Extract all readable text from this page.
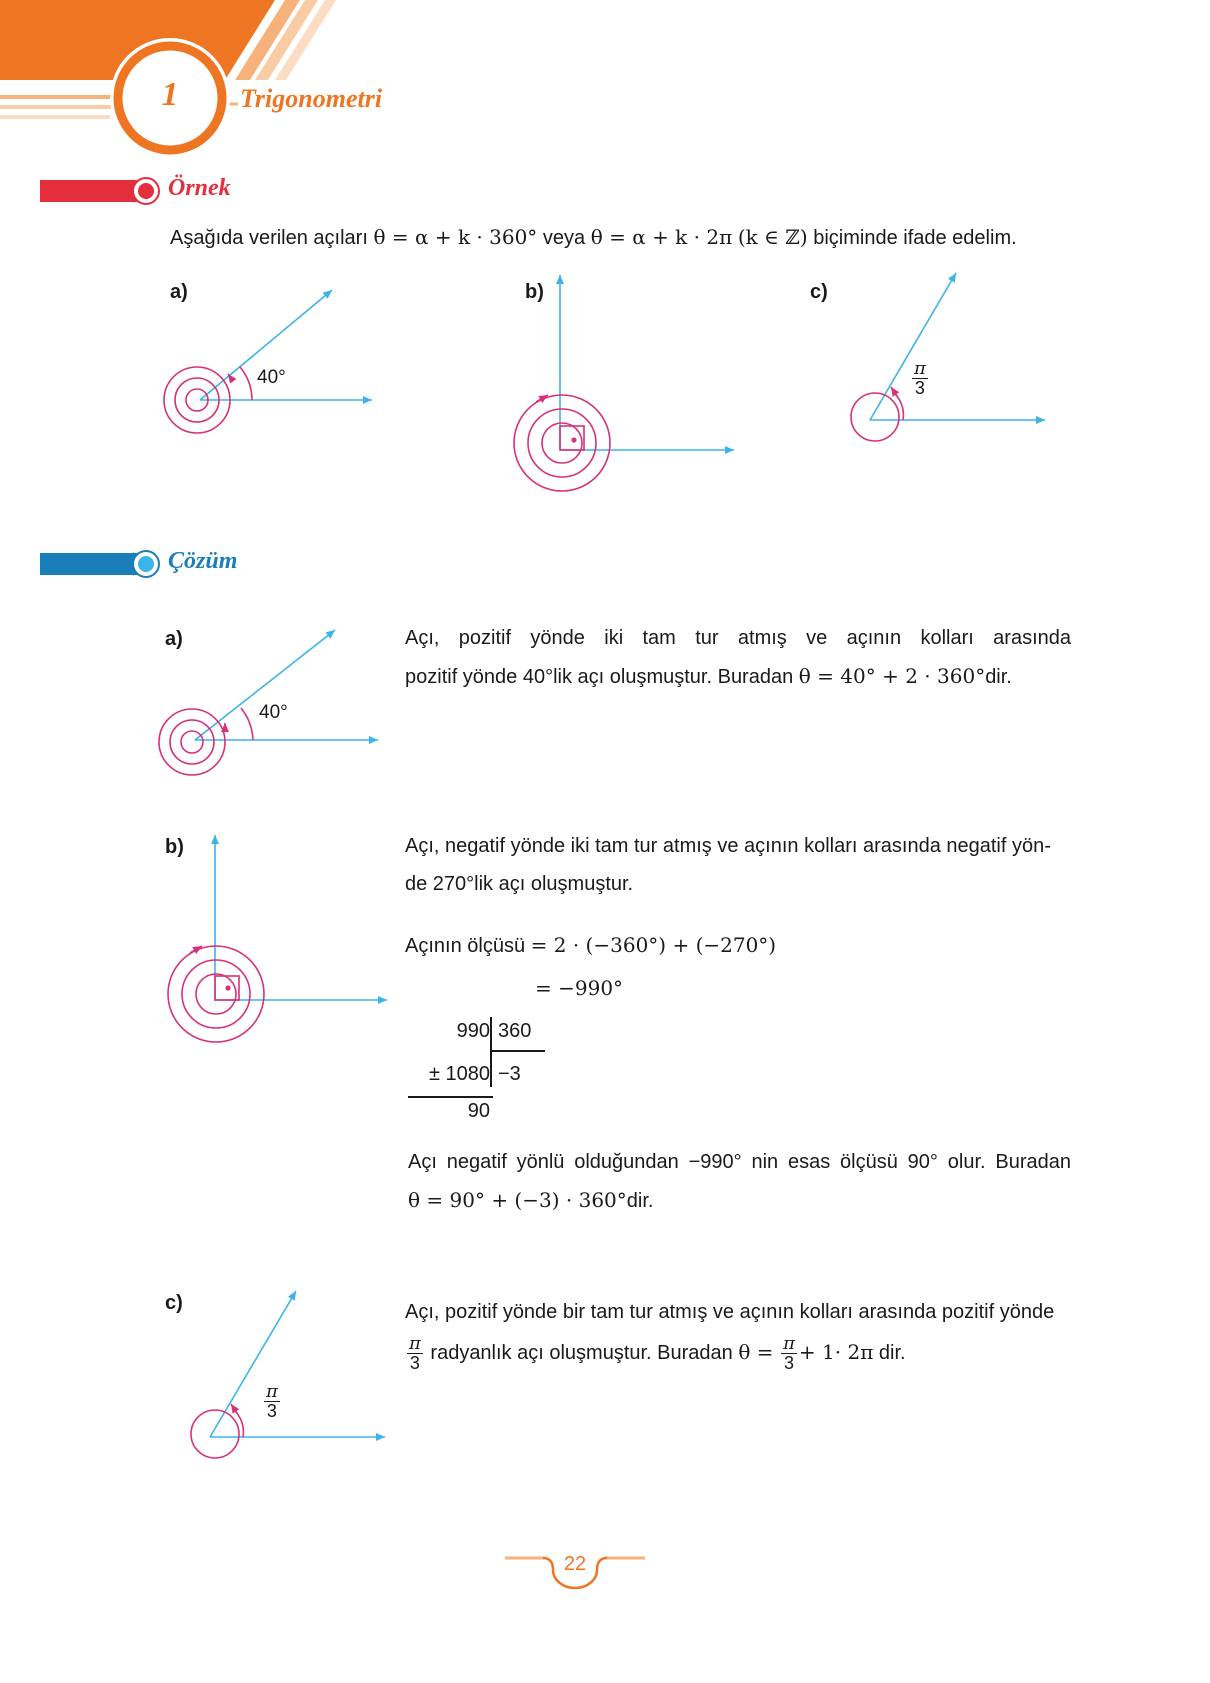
1	Trigonometri
Örnek
Aşağıda verilen açıları θ = α + k · 360° veya θ = α + k · 2π (k ∈ ℤ) biçiminde ifade edelim.
a)	b)	c)
40°	$\frac{\pi}{3}$
Çözüm
a)
40°
Açı, pozitif yönde iki tam tur atmış ve açının kolları arasında
pozitif yönde 40°lik açı oluşmuştur. Buradan θ = 40° + 2 · 360°dir.
b)	Açı, negatif yönde iki tam tur atmış ve açının kolları arasında negatif yön-
de 270°lik açı oluşmuştur.
Açının ölçüsü = 2 · (−360°) + (−270°)
= −990°
990 360
± 1080 −3
90
Açı negatif yönlü olduğundan −990° nin esas ölçüsü 90° olur. Buradan
θ = 90° + (−3) · 360°dir.
c)
$\frac{\pi}{3}$
Açı, pozitif yönde bir tam tur atmış ve açının kolları arasında pozitif yönde
$\frac{\pi}{3}$ radyanlık açı oluşmuştur. Buradan $\theta = \frac{\pi}{3} + 1\cdot 2\pi$ dir.
22
